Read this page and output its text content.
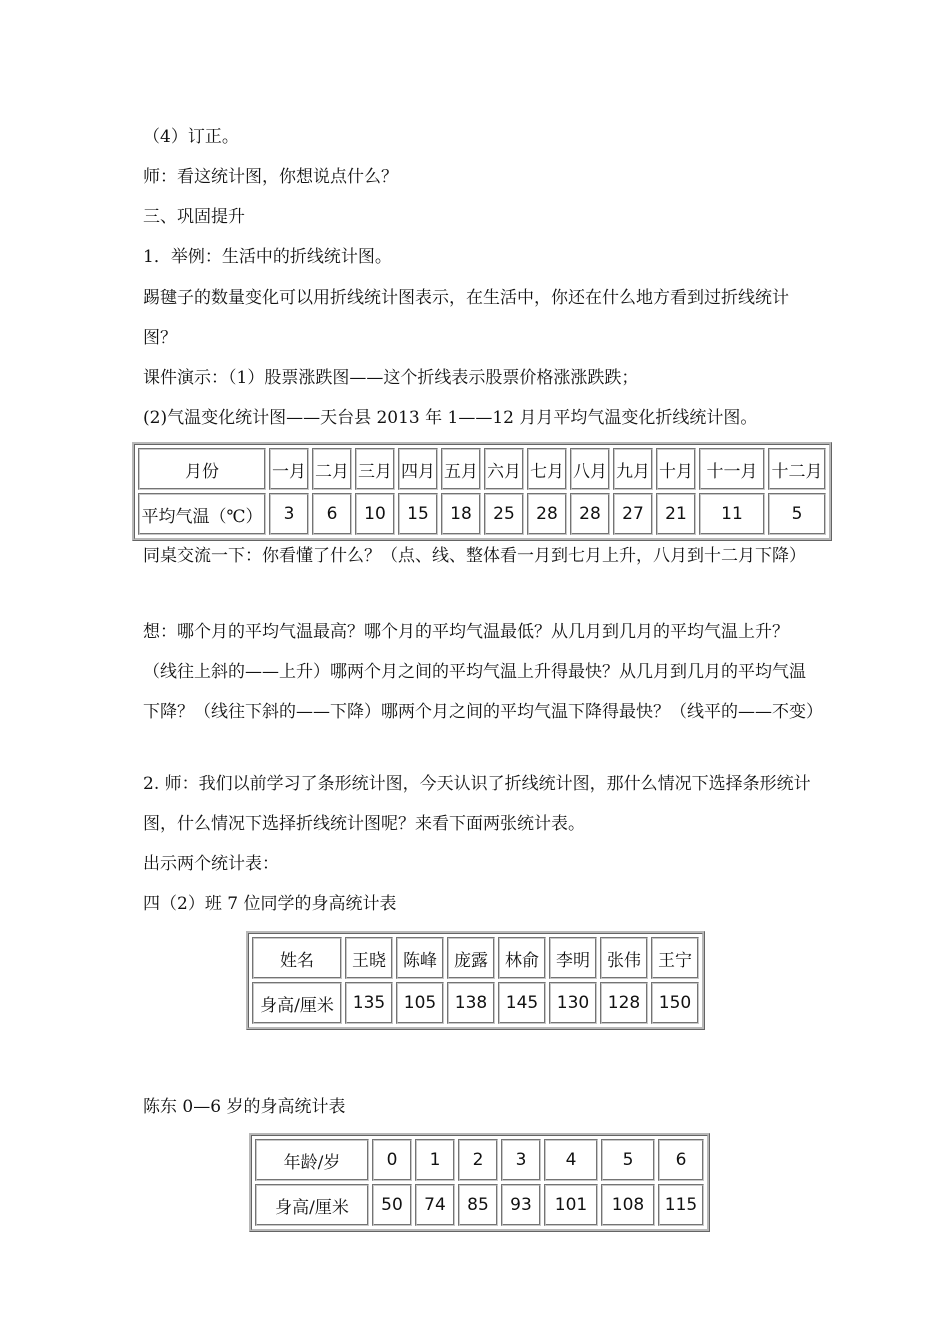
（4）订正。
师：看这统计图，你想说点什么？
三、巩固提升
1．举例：生活中的折线统计图。
踢毽子的数量变化可以用折线统计图表示，在生活中，你还在什么地方看到过折线统计图？
课件演示：（1）股票涨跌图——这个折线表示股票价格涨涨跌跌；
(2)气温变化统计图——天台县 2013 年 1——12 月月平均气温变化折线统计图。
月份	一月	二月	三月	四月	五月	六月	七月	八月	九月	十月	十一月	十二月
平均气温（℃）	3	6	10	15	18	25	28	28	27	21	11	5
同桌交流一下：你看懂了什么？（点、线、整体看一月到七月上升，八月到十二月下降）
想：哪个月的平均气温最高？哪个月的平均气温最低？从几月到几月的平均气温上升？（线往上斜的——上升）哪两个月之间的平均气温上升得最快？从几月到几月的平均气温下降？（线往下斜的——下降）哪两个月之间的平均气温下降得最快？（线平的——不变）
2. 师：我们以前学习了条形统计图，今天认识了折线统计图，那什么情况下选择条形统计图，什么情况下选择折线统计图呢？来看下面两张统计表。
出示两个统计表：
四（2）班 7 位同学的身高统计表
姓名	王晓	陈峰	庞露	林俞	李明	张伟	王宁
身高/厘米	135	105	138	145	130	128	150
陈东 0—6 岁的身高统计表
年龄/岁	0	1	2	3	4	5	6
身高/厘米	50	74	85	93	101	108	115
